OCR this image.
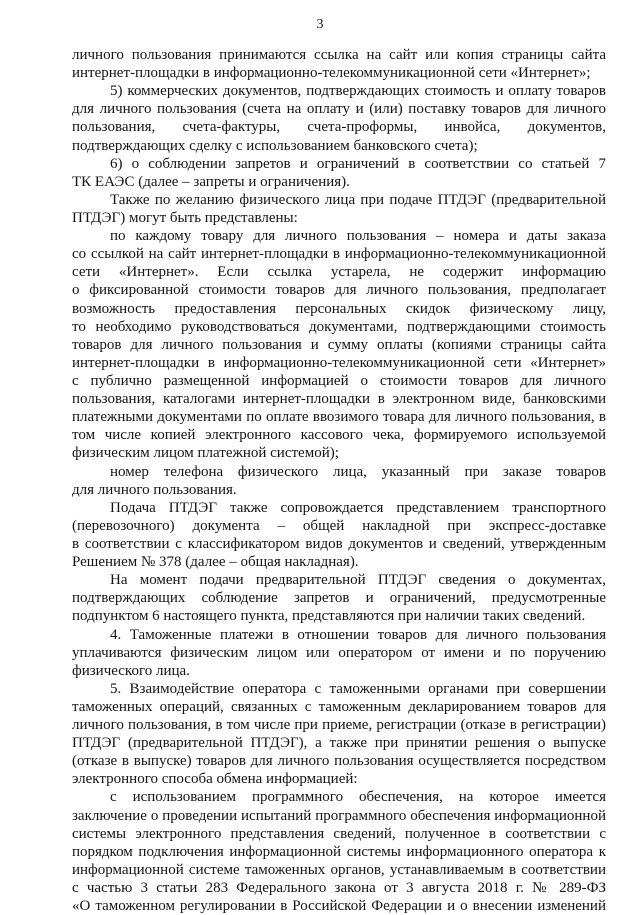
3
личного пользования принимаются ссылка на сайт или копия страницы сайта
интернет-площадки в информационно-телекоммуникационной сети «Интернет»;
5) коммерческих документов, подтверждающих стоимость и оплату товаров
для личного пользования (счета на оплату и (или) поставку товаров для личного
пользования, счета-фактуры, счета-проформы, инвойса, документов,
подтверждающих сделку с использованием банковского счета);
6) о соблюдении запретов и ограничений в соответствии со статьей 7
ТК ЕАЭС (далее – запреты и ограничения).
Также по желанию физического лица при подаче ПТДЭГ (предварительной
ПТДЭГ) могут быть представлены:
по каждому товару для личного пользования – номера и даты заказа
со ссылкой на сайт интернет-площадки в информационно-телекоммуникационной
сети «Интернет». Если ссылка устарела, не содержит информацию
о фиксированной стоимости товаров для личного пользования, предполагает
возможность предоставления персональных скидок физическому лицу,
то необходимо руководствоваться документами, подтверждающими стоимость
товаров для личного пользования и сумму оплаты (копиями страницы сайта
интернет-площадки в информационно-телекоммуникационной сети «Интернет»
с публично размещенной информацией о стоимости товаров для личного
пользования, каталогами интернет-площадки в электронном виде, банковскими
платежными документами по оплате ввозимого товара для личного пользования, в
том числе копией электронного кассового чека, формируемого используемой
физическим лицом платежной системой);
номер телефона физического лица, указанный при заказе товаров
для личного пользования.
Подача ПТДЭГ также сопровождается представлением транспортного
(перевозочного) документа – общей накладной при экспресс-доставке
в соответствии с классификатором видов документов и сведений, утвержденным
Решением № 378 (далее – общая накладная).
На момент подачи предварительной ПТДЭГ сведения о документах,
подтверждающих соблюдение запретов и ограничений, предусмотренные
подпунктом 6 настоящего пункта, представляются при наличии таких сведений.
4. Таможенные платежи в отношении товаров для личного пользования
уплачиваются физическим лицом или оператором от имени и по поручению
физического лица.
5. Взаимодействие оператора с таможенными органами при совершении
таможенных операций, связанных с таможенным декларированием товаров для
личного пользования, в том числе при приеме, регистрации (отказе в регистрации)
ПТДЭГ (предварительной ПТДЭГ), а также при принятии решения о выпуске
(отказе в выпуске) товаров для личного пользования осуществляется посредством
электронного способа обмена информацией:
с использованием программного обеспечения, на которое имеется
заключение о проведении испытаний программного обеспечения информационной
системы электронного представления сведений, полученное в соответствии с
порядком подключения информационной системы информационного оператора к
информационной системе таможенных органов, устанавливаемым в соответствии
с частью 3 статьи 283 Федерального закона от 3 августа 2018 г. № 289-ФЗ
«О таможенном регулировании в Российской Федерации и о внесении изменений
